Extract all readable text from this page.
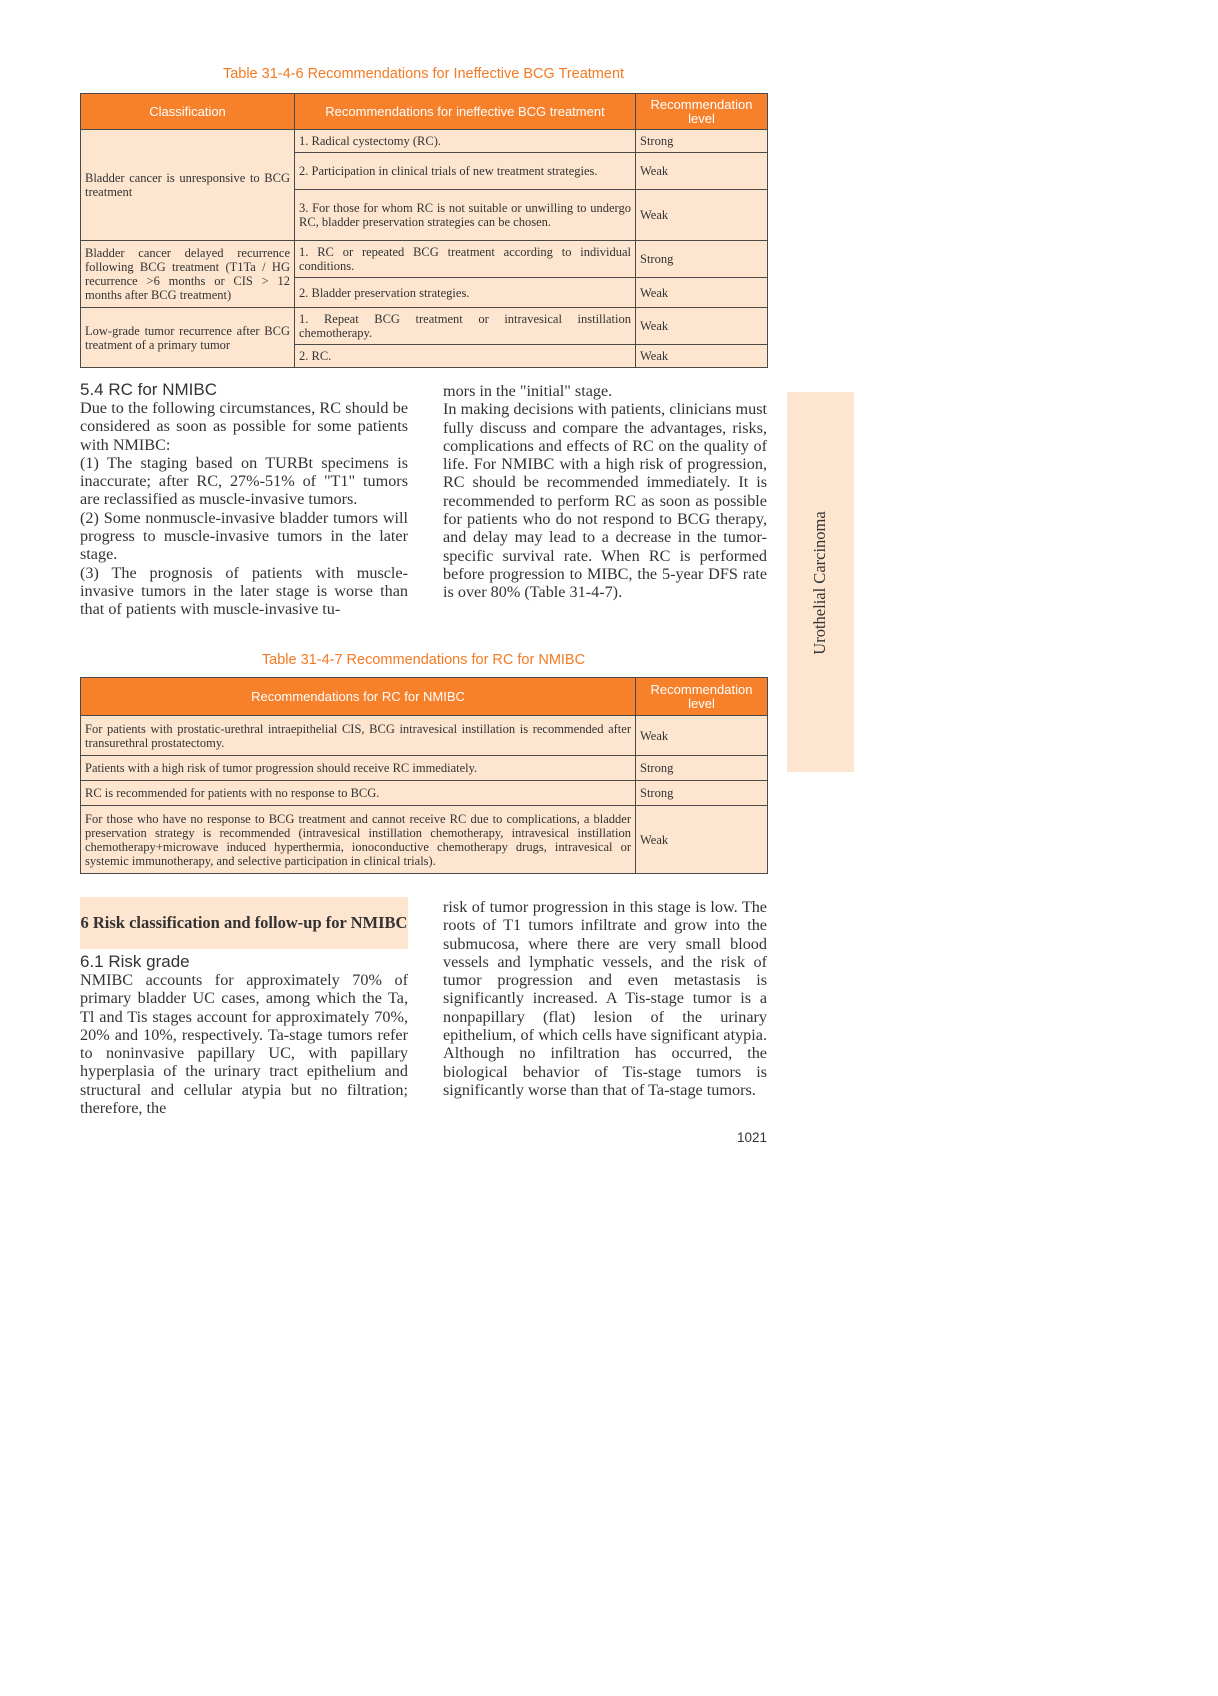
Table 31-4-6 Recommendations for Ineffective BCG Treatment
Classification	Recommendations for ineffective BCG treatment	Recommendation level
Bladder cancer is unresponsive to BCG treatment	1. Radical cystectomy (RC).	Strong
	2. Participation in clinical trials of new treatment strategies.	Weak
	3. For those for whom RC is not suitable or unwilling to undergo RC, bladder preservation strategies can be chosen.	Weak
Bladder cancer delayed recurrence following BCG treatment (T1Ta / HG recurrence >6 months or CIS > 12 months after BCG treatment)	1. RC or repeated BCG treatment according to individual conditions.	Strong
	2. Bladder preservation strategies.	Weak
Low-grade tumor recurrence after BCG treatment of a primary tumor	1. Repeat BCG treatment or intravesical instillation chemotherapy.	Weak
	2. RC.	Weak
5.4 RC for NMIBC

Due to the following circumstances, RC should be considered as soon as possible for some patients with NMIBC:

(1) The staging based on TURBt specimens is inaccurate; after RC, 27%-51% of "T1" tumors are reclassified as muscle-invasive tumors.

(2) Some nonmuscle-invasive bladder tumors will progress to muscle-invasive tumors in the later stage.

(3) The prognosis of patients with muscle-invasive tumors in the later stage is worse than that of patients with muscle-invasive tu-

mors in the "initial" stage.

In making decisions with patients, clinicians must fully discuss and compare the advantages, risks, complications and effects of RC on the quality of life. For NMIBC with a high risk of progression, RC should be recommended immediately. It is recommended to perform RC as soon as possible for patients who do not respond to BCG therapy, and delay may lead to a decrease in the tumor-specific survival rate. When RC is performed before progression to MIBC, the 5-year DFS rate is over 80% (Table 31-4-7).	Urothelial Carcinoma
Table 31-4-7 Recommendations for RC for NMIBC
Recommendations for RC for NMIBC	Recommendation level
For patients with prostatic-urethral intraepithelial CIS, BCG intravesical instillation is recommended after transurethral prostatectomy.	Weak
Patients with a high risk of tumor progression should receive RC immediately.	Strong
RC is recommended for patients with no response to BCG.	Strong
For those who have no response to BCG treatment and cannot receive RC due to complications, a bladder preservation strategy is recommended (intravesical instillation chemotherapy, intravesical instillation chemotherapy+microwave induced hyperthermia, ionoconductive chemotherapy drugs, intravesical or systemic immunotherapy, and selective participation in clinical trials).	Weak
6 Risk classification and follow-up for NMIBC
6.1 Risk grade
NMIBC accounts for approximately 70% of primary bladder UC cases, among which the Ta, Tl and Tis stages account for approximately 70%, 20% and 10%, respectively. Ta-stage tumors refer to noninvasive papillary UC, with papillary hyperplasia of the urinary tract epithelium and structural and cellular atypia but no filtration; therefore, the
risk of tumor progression in this stage is low. The roots of T1 tumors infiltrate and grow into the submucosa, where there are very small blood vessels and lymphatic vessels, and the risk of tumor progression and even metastasis is significantly increased. A Tis-stage tumor is a nonpapillary (flat) lesion of the urinary epithelium, of which cells have significant atypia. Although no infiltration has occurred, the biological behavior of Tis-stage tumors is significantly worse than that of Ta-stage tumors.
1021
